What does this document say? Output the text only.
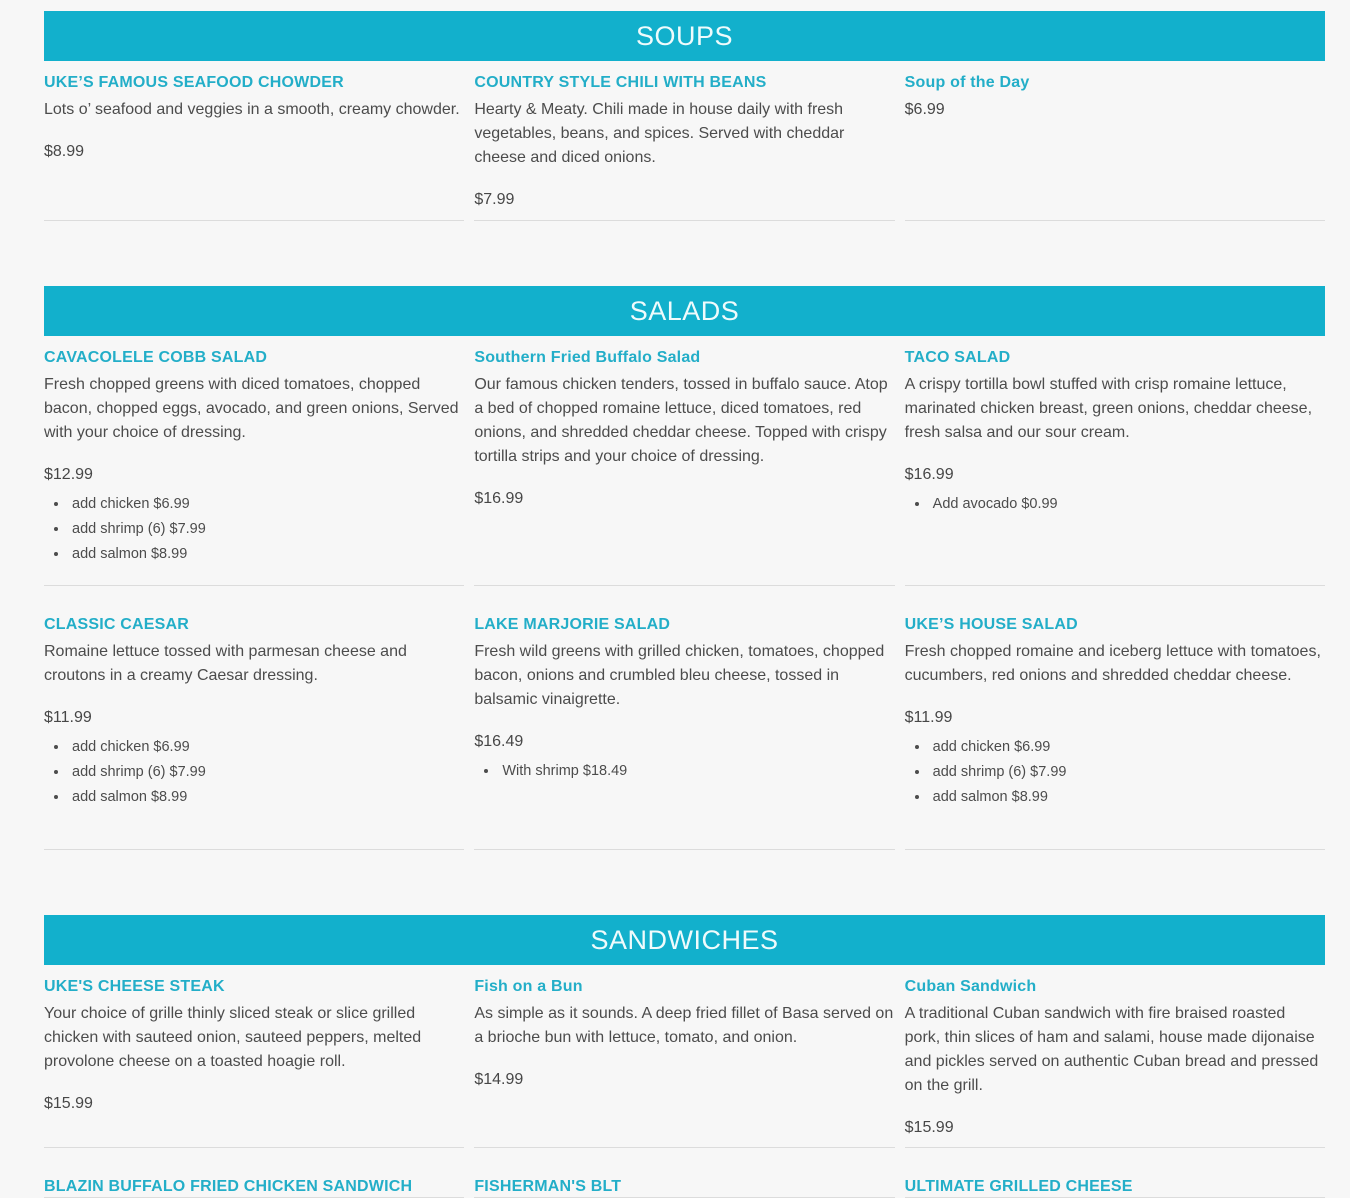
SOUPS
UKE’S FAMOUS SEAFOOD CHOWDER

Lots o’ seafood and veggies in a smooth, creamy chowder.

$8.99

COUNTRY STYLE CHILI WITH BEANS

Hearty & Meaty. Chili made in house daily with fresh vegetables, beans, and spices. Served with cheddar cheese and diced onions.

$7.99

Soup of the Day

$6.99

SALADS
CAVACOLELE COBB SALAD

Fresh chopped greens with diced tomatoes, chopped bacon, chopped eggs, avocado, and green onions, Served with your choice of dressing.

$12.99

• add chicken $6.99
• add shrimp (6) $7.99
• add salmon $8.99
Southern Fried Buffalo Salad

Our famous chicken tenders, tossed in buffalo sauce. Atop a bed of chopped romaine lettuce, diced tomatoes, red onions, and shredded cheddar cheese. Topped with crispy tortilla strips and your choice of dressing.

$16.99

TACO SALAD

A crispy tortilla bowl stuffed with crisp romaine lettuce, marinated chicken breast, green onions, cheddar cheese, fresh salsa and our sour cream.

$16.99

• Add avocado $0.99
CLASSIC CAESAR

Romaine lettuce tossed with parmesan cheese and croutons in a creamy Caesar dressing.

$11.99

• add chicken $6.99
• add shrimp (6) $7.99
• add salmon $8.99
LAKE MARJORIE SALAD

Fresh wild greens with grilled chicken, tomatoes, chopped bacon, onions and crumbled bleu cheese, tossed in balsamic vinaigrette.

$16.49

• With shrimp $18.49
UKE’S HOUSE SALAD

Fresh chopped romaine and iceberg lettuce with tomatoes, cucumbers, red onions and shredded cheddar cheese.

$11.99

• add chicken $6.99
• add shrimp (6) $7.99
• add salmon $8.99
SANDWICHES
UKE'S CHEESE STEAK

Your choice of grille thinly sliced steak or slice grilled chicken with sauteed onion, sauteed peppers, melted provolone cheese on a toasted hoagie roll.

$15.99

Fish on a Bun

As simple as it sounds. A deep fried fillet of Basa served on a brioche bun with lettuce, tomato, and onion.

$14.99

Cuban Sandwich

A traditional Cuban sandwich with fire braised roasted pork, thin slices of ham and salami, house made dijonaise and pickles served on authentic Cuban bread and pressed on the grill.

$15.99

BLAZIN BUFFALO FRIED CHICKEN SANDWICH	FISHERMAN'S BLT	ULTIMATE GRILLED CHEESE
